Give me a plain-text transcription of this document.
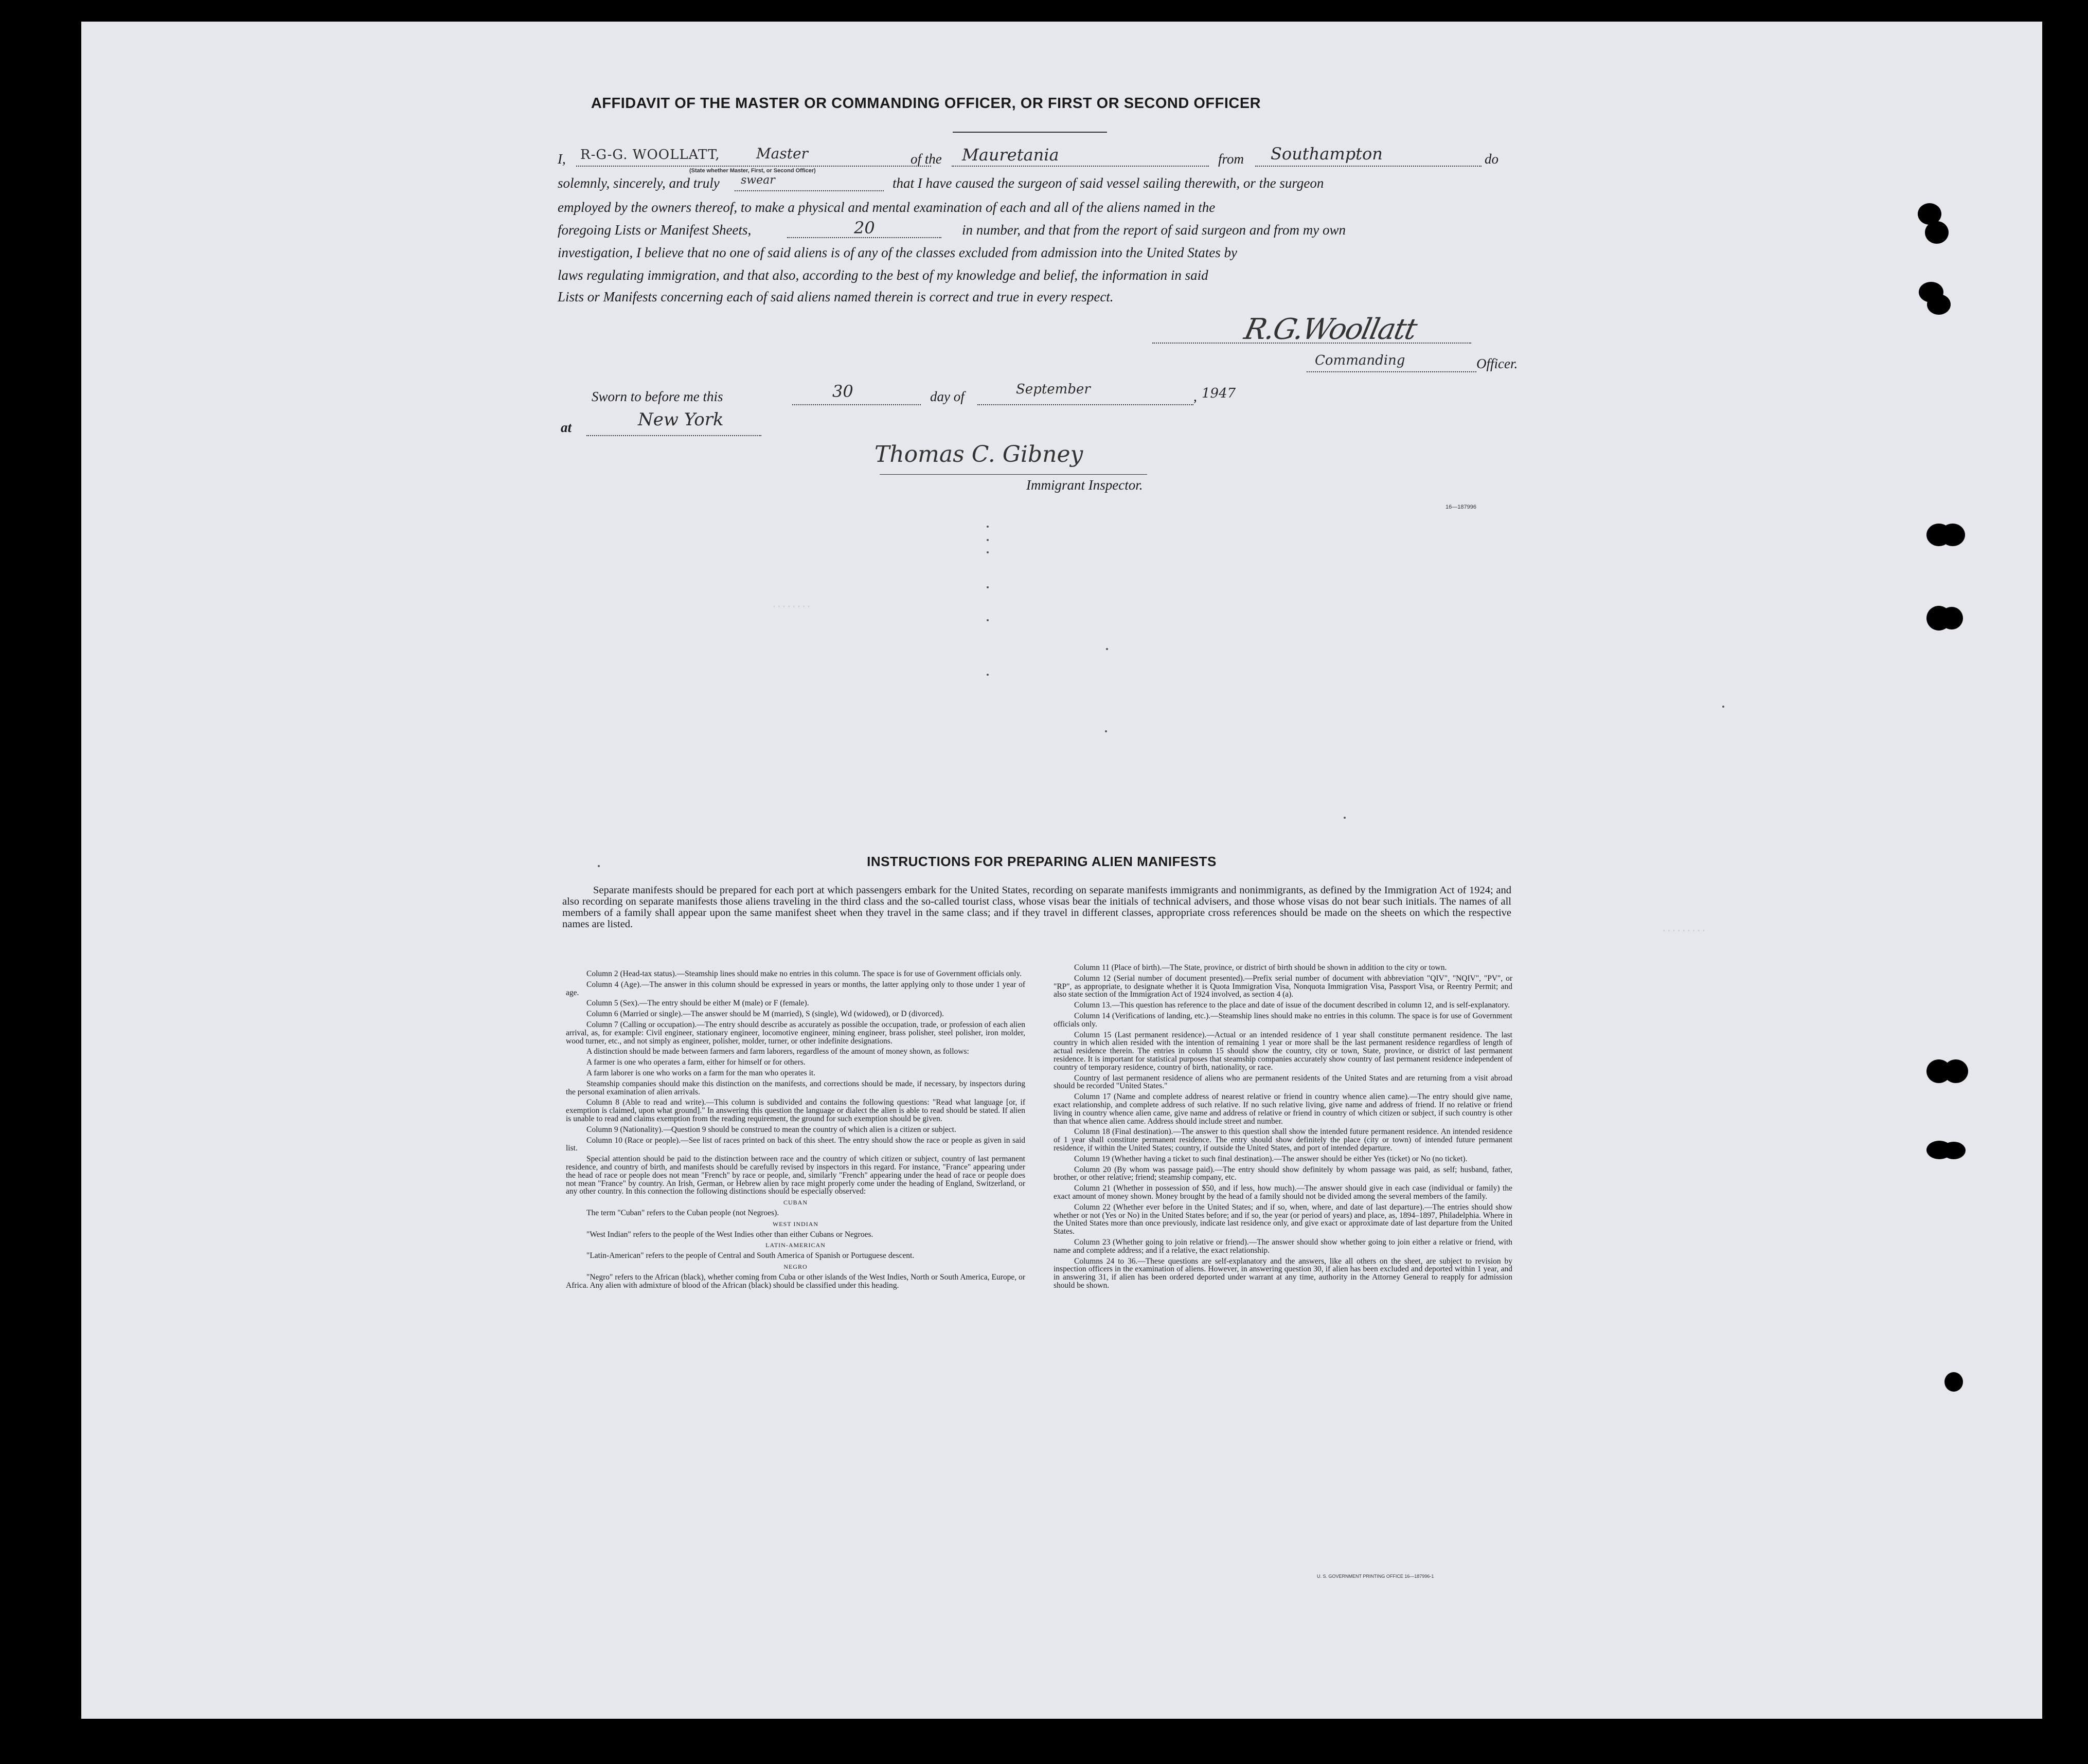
AFFIDAVIT OF THE MASTER OR COMMANDING OFFICER, OR FIRST OR SECOND OFFICER
I, R-G-G. WOOLLATT,	Master
(State whether Master, First, or Second Officer)
of the Mauretania	from Southampton	do
solemnly, sincerely, and truly swear	that I have caused the surgeon of said vessel sailing therewith, or the surgeon
employed by the owners thereof, to make a physical and mental examination of each and all of the aliens named in the
foregoing Lists or Manifest Sheets,	20	in number, and that from the report of said surgeon and from my own
investigation, I believe that no one of said aliens is of any of the classes excluded from admission into the United States by
laws regulating immigration, and that also, according to the best of my knowledge and belief, the information in said
Lists or Manifests concerning each of said aliens named therein is correct and true in every respect.
R.G.Woollatt
Commanding	Officer.
Sworn to before me this	30	day of	September	, 1947
at	New York
Thomas C. Gibney
Immigrant Inspector.
16—187996
········
·········
INSTRUCTIONS FOR PREPARING ALIEN MANIFESTS
Separate manifests should be prepared for each port at which passengers embark for the United States, recording on separate manifests immigrants and nonimmigrants, as defined by the Immigration Act of 1924; and also recording on separate manifests those aliens traveling in the third class and the so-called tourist class, whose visas bear the initials of technical advisers, and those whose visas do not bear such initials. The names of all members of a family shall appear upon the same manifest sheet when they travel in the same class; and if they travel in different classes, appropriate cross references should be made on the sheets on which the respective names are listed.

Column 2 (Head-tax status).—Steamship lines should make no entries in this column. The space is for use of Government officials only.

Column 4 (Age).—The answer in this column should be expressed in years or months, the latter applying only to those under 1 year of age.

Column 5 (Sex).—The entry should be either M (male) or F (female).

Column 6 (Married or single).—The answer should be M (married), S (single), Wd (widowed), or D (divorced).

Column 7 (Calling or occupation).—The entry should describe as accurately as possible the occupation, trade, or profession of each alien arrival, as, for example: Civil engineer, stationary engineer, locomotive engineer, mining engineer, brass polisher, steel polisher, iron molder, wood turner, etc., and not simply as engineer, polisher, molder, turner, or other indefinite designations.

A distinction should be made between farmers and farm laborers, regardless of the amount of money shown, as follows:

A farmer is one who operates a farm, either for himself or for others.

A farm laborer is one who works on a farm for the man who operates it.

Steamship companies should make this distinction on the manifests, and corrections should be made, if necessary, by inspectors during the personal examination of alien arrivals.

Column 8 (Able to read and write).—This column is subdivided and contains the following questions: "Read what language [or, if exemption is claimed, upon what ground]." In answering this question the language or dialect the alien is able to read should be stated. If alien is unable to read and claims exemption from the reading requirement, the ground for such exemption should be given.

Column 9 (Nationality).—Question 9 should be construed to mean the country of which alien is a citizen or subject.

Column 10 (Race or people).—See list of races printed on back of this sheet. The entry should show the race or people as given in said list.

Special attention should be paid to the distinction between race and the country of which citizen or subject, country of last permanent residence, and country of birth, and manifests should be carefully revised by inspectors in this regard. For instance, "France" appearing under the head of race or people does not mean "French" by race or people, and, similarly "French" appearing under the head of race or people does not mean "France" by country. An Irish, German, or Hebrew alien by race might properly come under the heading of England, Switzerland, or any other country. In this connection the following distinctions should be especially observed:

CUBAN

The term "Cuban" refers to the Cuban people (not Negroes).

WEST INDIAN

"West Indian" refers to the people of the West Indies other than either Cubans or Negroes.

LATIN-AMERICAN

"Latin-American" refers to the people of Central and South America of Spanish or Portuguese descent.

NEGRO

"Negro" refers to the African (black), whether coming from Cuba or other islands of the West Indies, North or South America, Europe, or Africa. Any alien with admixture of blood of the African (black) should be classified under this heading.

Column 11 (Place of birth).—The State, province, or district of birth should be shown in addition to the city or town.

Column 12 (Serial number of document presented).—Prefix serial number of document with abbreviation "QIV", "NQIV", "PV", or "RP", as appropriate, to designate whether it is Quota Immigration Visa, Nonquota Immigration Visa, Passport Visa, or Reentry Permit; and also state section of the Immigration Act of 1924 involved, as section 4 (a).

Column 13.—This question has reference to the place and date of issue of the document described in column 12, and is self-explanatory.

Column 14 (Verifications of landing, etc.).—Steamship lines should make no entries in this column. The space is for use of Government officials only.

Column 15 (Last permanent residence).—Actual or an intended residence of 1 year shall constitute permanent residence. The last country in which alien resided with the intention of remaining 1 year or more shall be the last permanent residence regardless of length of actual residence therein. The entries in column 15 should show the country, city or town, State, province, or district of last permanent residence. It is important for statistical purposes that steamship companies accurately show country of last permanent residence independent of country of temporary residence, country of birth, nationality, or race.

Country of last permanent residence of aliens who are permanent residents of the United States and are returning from a visit abroad should be recorded "United States."

Column 17 (Name and complete address of nearest relative or friend in country whence alien came).—The entry should give name, exact relationship, and complete address of such relative. If no such relative living, give name and address of friend. If no relative or friend living in country whence alien came, give name and address of relative or friend in country of which citizen or subject, if such country is other than that whence alien came. Address should include street and number.

Column 18 (Final destination).—The answer to this question shall show the intended future permanent residence. An intended residence of 1 year shall constitute permanent residence. The entry should show definitely the place (city or town) of intended future permanent residence, if within the United States; country, if outside the United States, and port of intended departure.

Column 19 (Whether having a ticket to such final destination).—The answer should be either Yes (ticket) or No (no ticket).

Column 20 (By whom was passage paid).—The entry should show definitely by whom passage was paid, as self; husband, father, brother, or other relative; friend; steamship company, etc.

Column 21 (Whether in possession of $50, and if less, how much).—The answer should give in each case (individual or family) the exact amount of money shown. Money brought by the head of a family should not be divided among the several members of the family.

Column 22 (Whether ever before in the United States; and if so, when, where, and date of last departure).—The entries should show whether or not (Yes or No) in the United States before; and if so, the year (or period of years) and place, as, 1894–1897, Philadelphia. Where in the United States more than once previously, indicate last residence only, and give exact or approximate date of last departure from the United States.

Column 23 (Whether going to join relative or friend).—The answer should show whether going to join either a relative or friend, with name and complete address; and if a relative, the exact relationship.

Columns 24 to 36.—These questions are self-explanatory and the answers, like all others on the sheet, are subject to revision by inspection officers in the examination of aliens. However, in answering question 30, if alien has been excluded and deported within 1 year, and in answering 31, if alien has been ordered deported under warrant at any time, authority in the Attorney General to reapply for admission should be shown.

U. S. GOVERNMENT PRINTING OFFICE 16—187996-1
